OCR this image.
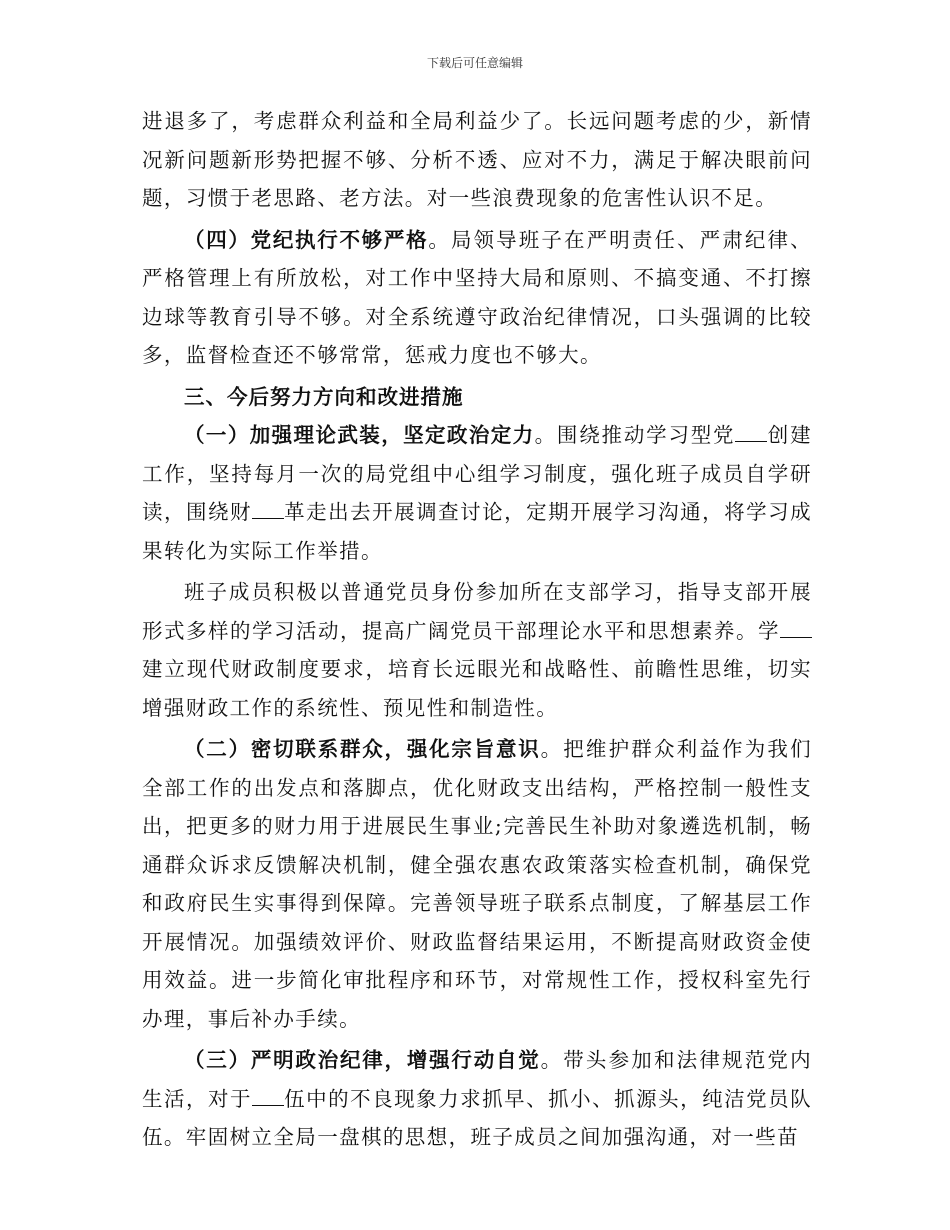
下载后可任意编辑

进退多了，考虑群众利益和全局利益少了。长远问题考虑的少，新情况新问题新形势把握不够、分析不透、应对不力，满足于解决眼前问题，习惯于老思路、老方法。对一些浪费现象的危害性认识不足。

（四）党纪执行不够严格。局领导班子在严明责任、严肃纪律、严格管理上有所放松，对工作中坚持大局和原则、不搞变通、不打擦边球等教育引导不够。对全系统遵守政治纪律情况，口头强调的比较多，监督检查还不够常常，惩戒力度也不够大。

三、今后努力方向和改进措施

（一）加强理论武装，坚定政治定力。围绕推动学习型党 创建工作，坚持每月一次的局党组中心组学习制度，强化班子成员自学研读，围绕财 革走出去开展调查讨论，定期开展学习沟通，将学习成果转化为实际工作举措。

班子成员积极以普通党员身份参加所在支部学习，指导支部开展形式多样的学习活动，提高广阔党员干部理论水平和思想素养。学建立现代财政制度要求，培育长远眼光和战略性、前瞻性思维，切实增强财政工作的系统性、预见性和制造性。

（二）密切联系群众，强化宗旨意识。把维护群众利益作为我们全部工作的出发点和落脚点，优化财政支出结构，严格控制一般性支出，把更多的财力用于进展民生事业;完善民生补助对象遴选机制，畅通群众诉求反馈解决机制，健全强农惠农政策落实检查机制，确保党和政府民生实事得到保障。完善领导班子联系点制度，了解基层工作开展情况。加强绩效评价、财政监督结果运用，不断提高财政资金使用效益。进一步简化审批程序和环节，对常规性工作，授权科室先行办理，事后补办手续。

（三）严明政治纪律，增强行动自觉。带头参加和法律规范党内生活，对于 伍中的不良现象力求抓早、抓小、抓源头，纯洁党员队伍。牢固树立全局一盘棋的思想，班子成员之间加强沟通，对一些苗
